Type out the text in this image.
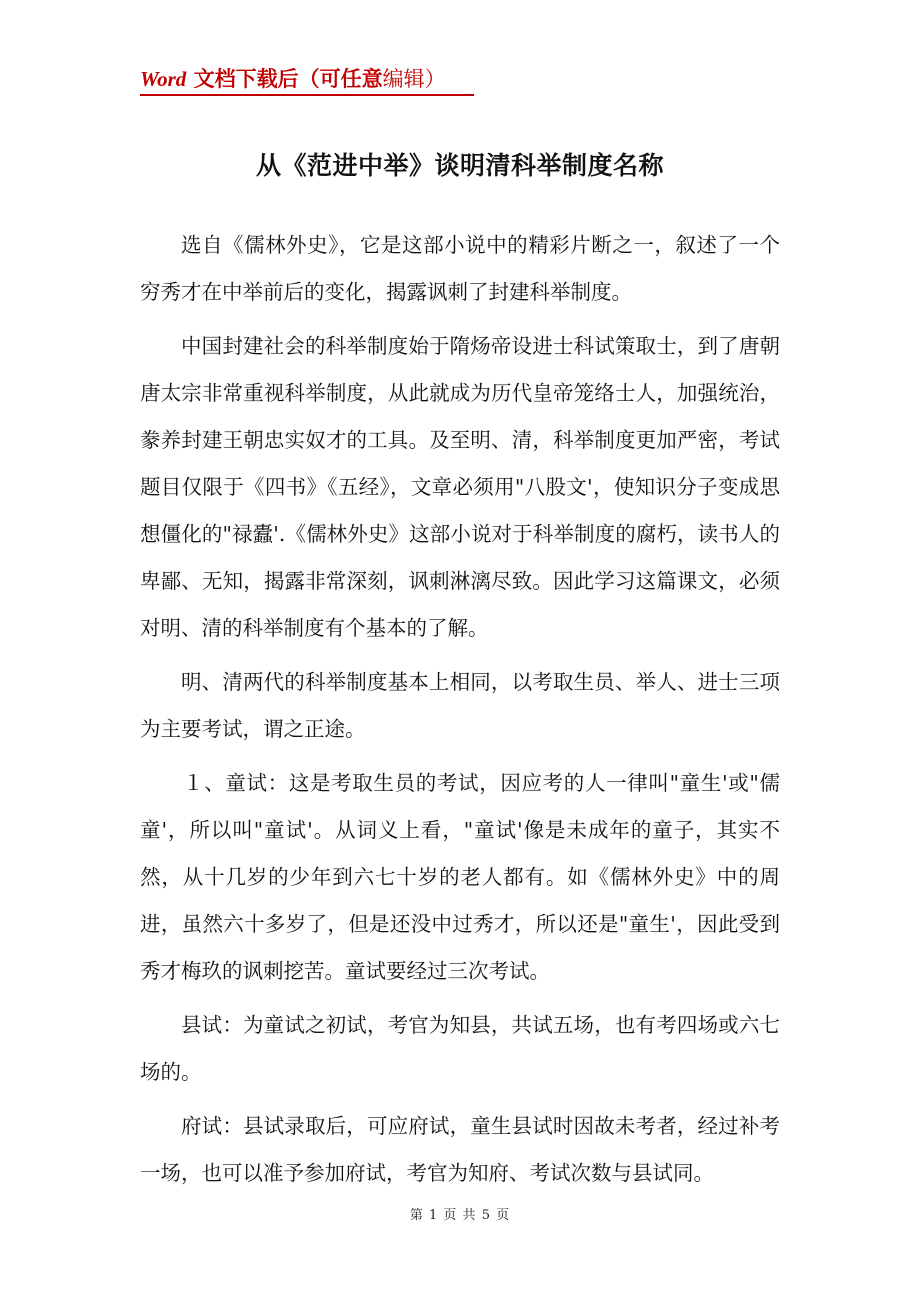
Word 文档下载后（可任意编辑）
从《范进中举》谈明清科举制度名称

选自《儒林外史》，它是这部小说中的精彩片断之一，叙述了一个穷秀才在中举前后的变化，揭露讽刺了封建科举制度。

中国封建社会的科举制度始于隋炀帝设进士科试策取士，到了唐朝唐太宗非常重视科举制度，从此就成为历代皇帝笼络士人，加强统治，豢养封建王朝忠实奴才的工具。及至明、清，科举制度更加严密，考试题目仅限于《四书》《五经》，文章必须用"八股文'，使知识分子变成思想僵化的"禄蠹'.《儒林外史》这部小说对于科举制度的腐朽，读书人的卑鄙、无知，揭露非常深刻，讽刺淋漓尽致。因此学习这篇课文，必须对明、清的科举制度有个基本的了解。

明、清两代的科举制度基本上相同，以考取生员、举人、进士三项为主要考试，谓之正途。

１、童试：这是考取生员的考试，因应考的人一律叫"童生'或"儒童'，所以叫"童试'。从词义上看，"童试'像是未成年的童子，其实不然，从十几岁的少年到六七十岁的老人都有。如《儒林外史》中的周进，虽然六十多岁了，但是还没中过秀才，所以还是"童生'，因此受到秀才梅玖的讽刺挖苦。童试要经过三次考试。

县试：为童试之初试，考官为知县，共试五场，也有考四场或六七场的。

府试：县试录取后，可应府试，童生县试时因故未考者，经过补考一场，也可以准予参加府试，考官为知府、考试次数与县试同。

第 1 页 共 5 页
